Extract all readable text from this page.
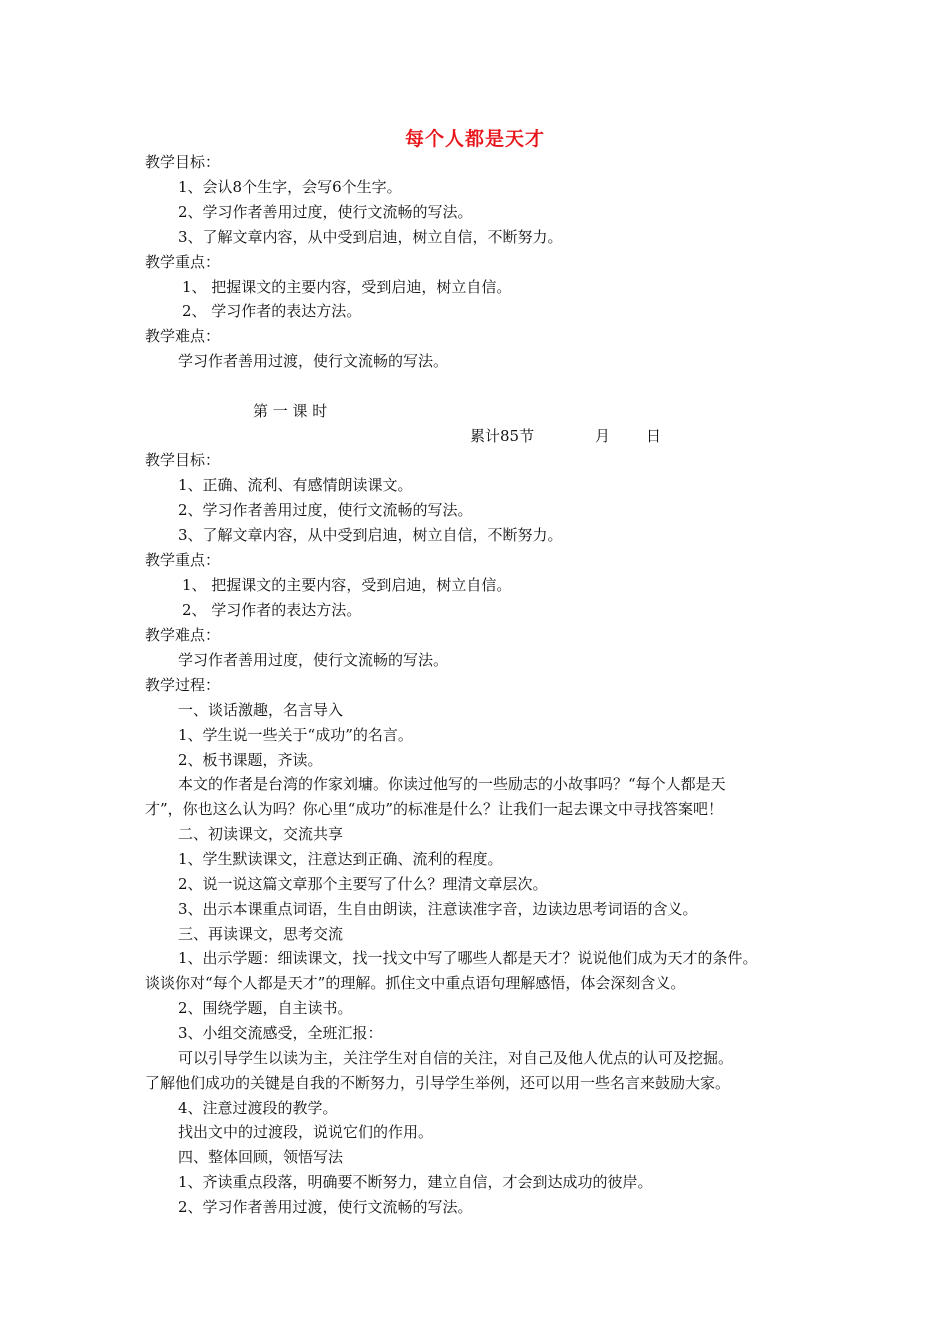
每个人都是天才
教学目标：
1、会认8个生字，会写6个生字。
2、学习作者善用过度，使行文流畅的写法。
3、了解文章内容，从中受到启迪，树立自信，不断努力。
教学重点：
1、 把握课文的主要内容，受到启迪，树立自信。
2、 学习作者的表达方法。
教学难点：
学习作者善用过渡，使行文流畅的写法。
第 一 课 时
累计85节	月 日
教学目标：
1、正确、流利、有感情朗读课文。
2、学习作者善用过度，使行文流畅的写法。
3、了解文章内容，从中受到启迪，树立自信，不断努力。
教学重点：
1、 把握课文的主要内容，受到启迪，树立自信。
2、 学习作者的表达方法。
教学难点：
学习作者善用过度，使行文流畅的写法。
教学过程：
一、谈话激趣，名言导入
1、学生说一些关于“成功”的名言。
2、板书课题，齐读。
本文的作者是台湾的作家刘墉。你读过他写的一些励志的小故事吗？“每个人都是天
才”，你也这么认为吗？你心里“成功”的标准是什么？让我们一起去课文中寻找答案吧！
二、初读课文，交流共享
1、学生默读课文，注意达到正确、流利的程度。
2、说一说这篇文章那个主要写了什么？理清文章层次。
3、出示本课重点词语，生自由朗读，注意读准字音，边读边思考词语的含义。
三、再读课文，思考交流
1、出示学题：细读课文，找一找文中写了哪些人都是天才？说说他们成为天才的条件。
谈谈你对“每个人都是天才”的理解。抓住文中重点语句理解感悟，体会深刻含义。
2、围绕学题，自主读书。
3、小组交流感受，全班汇报：
可以引导学生以读为主，关注学生对自信的关注，对自己及他人优点的认可及挖掘。
了解他们成功的关键是自我的不断努力，引导学生举例，还可以用一些名言来鼓励大家。
4、注意过渡段的教学。
找出文中的过渡段，说说它们的作用。
四、整体回顾，领悟写法
1、齐读重点段落，明确要不断努力，建立自信，才会到达成功的彼岸。
2、学习作者善用过渡，使行文流畅的写法。
